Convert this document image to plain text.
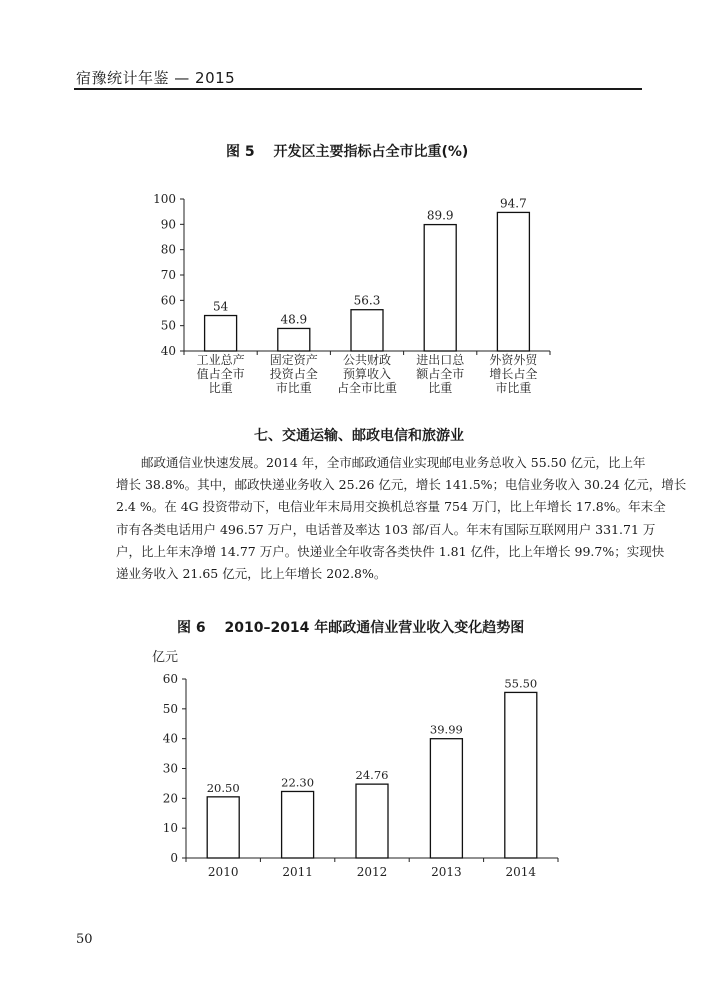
宿豫统计年鉴 — 2015
图 5　 开发区主要指标占全市比重(%)
40
50
60
70
80
90
100
54
工业总产
值占全市
比重
48.9
固定资产
投资占全
市比重
56.3
公共财政
预算收入
占全市比重
89.9
进出口总
额占全市
比重
94.7
外资外贸
增长占全
市比重
七、交通运输、邮政电信和旅游业
邮政通信业快速发展。2014 年，全市邮政通信业实现邮电业务总收入 55.50 亿元，比上年
增长 38.8%。其中，邮政快递业务收入 25.26 亿元，增长 141.5%；电信业务收入 30.24 亿元，增长
2.4 %。在 4G 投资带动下，电信业年末局用交换机总容量 754 万门，比上年增长 17.8%。年末全
市有各类电话用户 496.57 万户，电话普及率达 103 部/百人。年末有国际互联网用户 331.71 万
户，比上年末净增 14.77 万户。快递业全年收寄各类快件 1.81 亿件，比上年增长 99.7%；实现快
递业务收入 21.65 亿元，比上年增长 202.8%。
图 6　 2010–2014 年邮政通信业营业收入变化趋势图
0
10
20
30
40
50
60
20.50
2010
22.30
2011
24.76
2012
39.99
2013
55.50
2014
亿元
50
